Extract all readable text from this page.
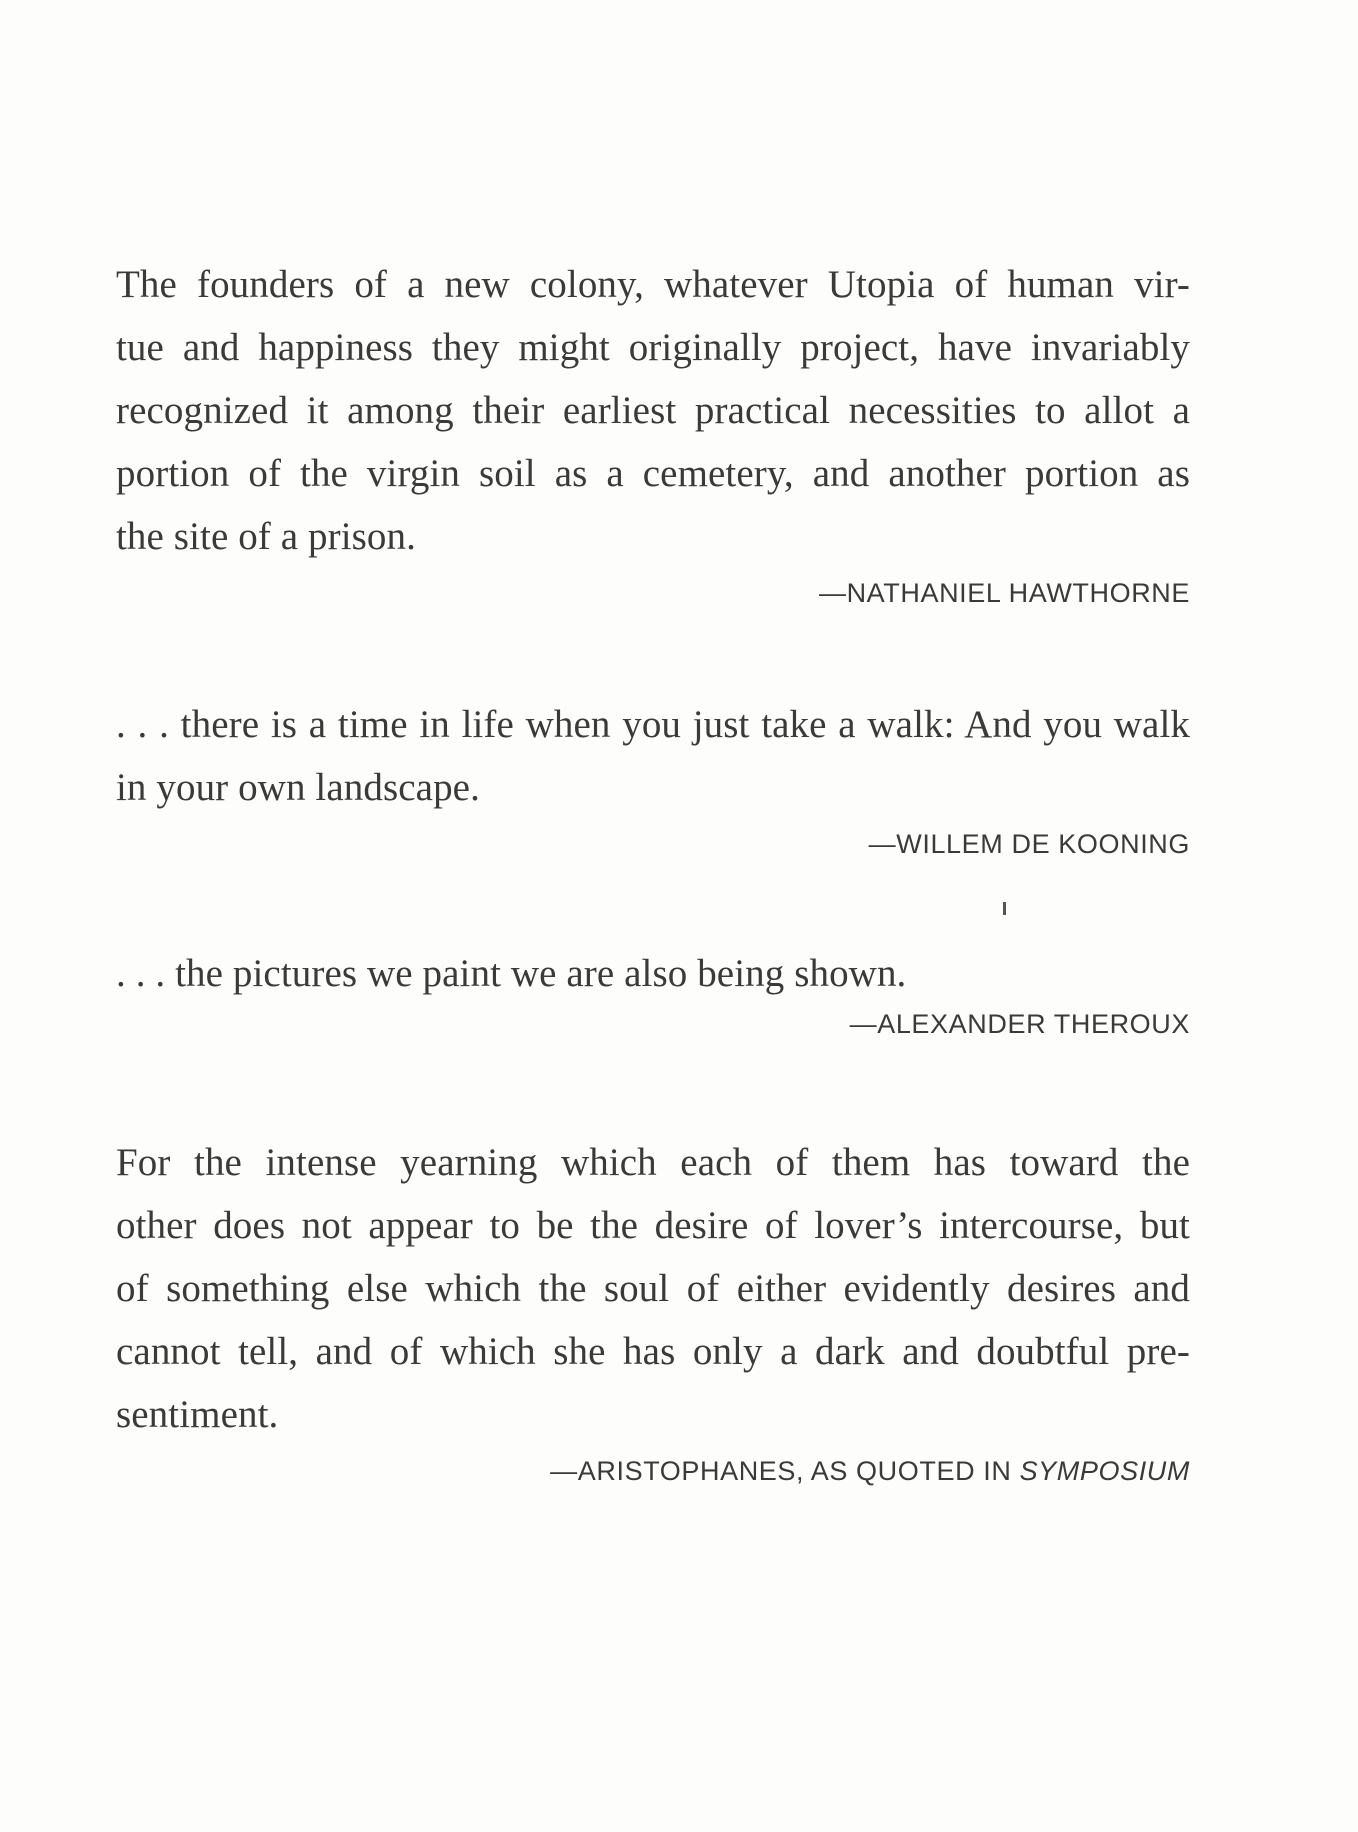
The founders of a new colony, whatever Utopia of human vir-
tue and happiness they might originally project, have invariably
recognized it among their earliest practical necessities to allot a
portion of the virgin soil as a cemetery, and another portion as
the site of a prison.

—NATHANIEL HAWTHORNE

. . . there is a time in life when you just take a walk: And you walk
in your own landscape.

—WILLEM DE KOONING

. . . the pictures we paint we are also being shown.

—ALEXANDER THEROUX

For the intense yearning which each of them has toward the
other does not appear to be the desire of lover’s intercourse, but
of something else which the soul of either evidently desires and
cannot tell, and of which she has only a dark and doubtful pre-
sentiment.

—ARISTOPHANES, AS QUOTED IN SYMPOSIUM
